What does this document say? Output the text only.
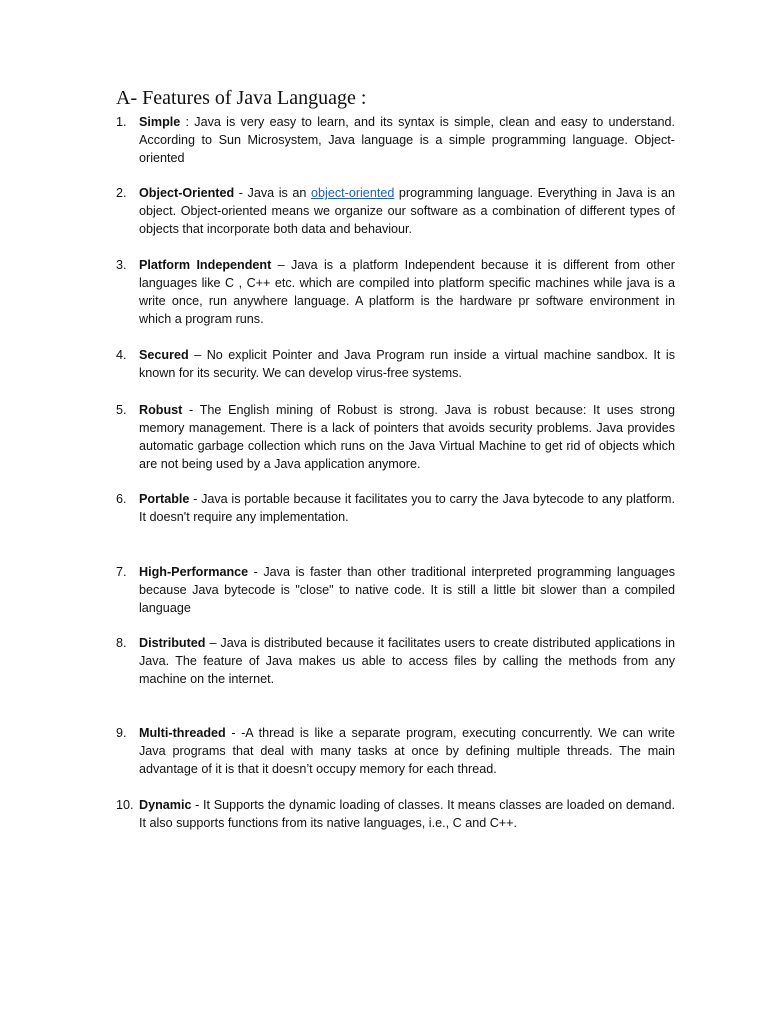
A- Features of Java Language :
1. Simple : Java is very easy to learn, and its syntax is simple, clean and easy to understand. According to Sun Microsystem, Java language is a simple programming language. Object-oriented
2. Object-Oriented - Java is an object-oriented programming language. Everything in Java is an object. Object-oriented means we organize our software as a combination of different types of objects that incorporate both data and behaviour.
3. Platform Independent – Java is a platform Independent because it is different from other languages like C , C++ etc. which are compiled into platform specific machines while java is a write once, run anywhere language. A platform is the hardware pr software environment in which a program runs.
4. Secured – No explicit Pointer and Java Program run inside a virtual machine sandbox. It is known for its security. We can develop virus-free systems.
5. Robust - The English mining of Robust is strong. Java is robust because: It uses strong memory management. There is a lack of pointers that avoids security problems. Java provides automatic garbage collection which runs on the Java Virtual Machine to get rid of objects which are not being used by a Java application anymore.
6. Portable - Java is portable because it facilitates you to carry the Java bytecode to any platform. It doesn't require any implementation.
7. High-Performance - Java is faster than other traditional interpreted programming languages because Java bytecode is "close" to native code. It is still a little bit slower than a compiled language
8. Distributed – Java is distributed because it facilitates users to create distributed applications in Java. The feature of Java makes us able to access files by calling the methods from any machine on the internet.
9. Multi-threaded - -A thread is like a separate program, executing concurrently. We can write Java programs that deal with many tasks at once by defining multiple threads. The main advantage of it is that it doesn’t occupy memory for each thread.
10. Dynamic - It Supports the dynamic loading of classes. It means classes are loaded on demand. It also supports functions from its native languages, i.e., C and C++.
